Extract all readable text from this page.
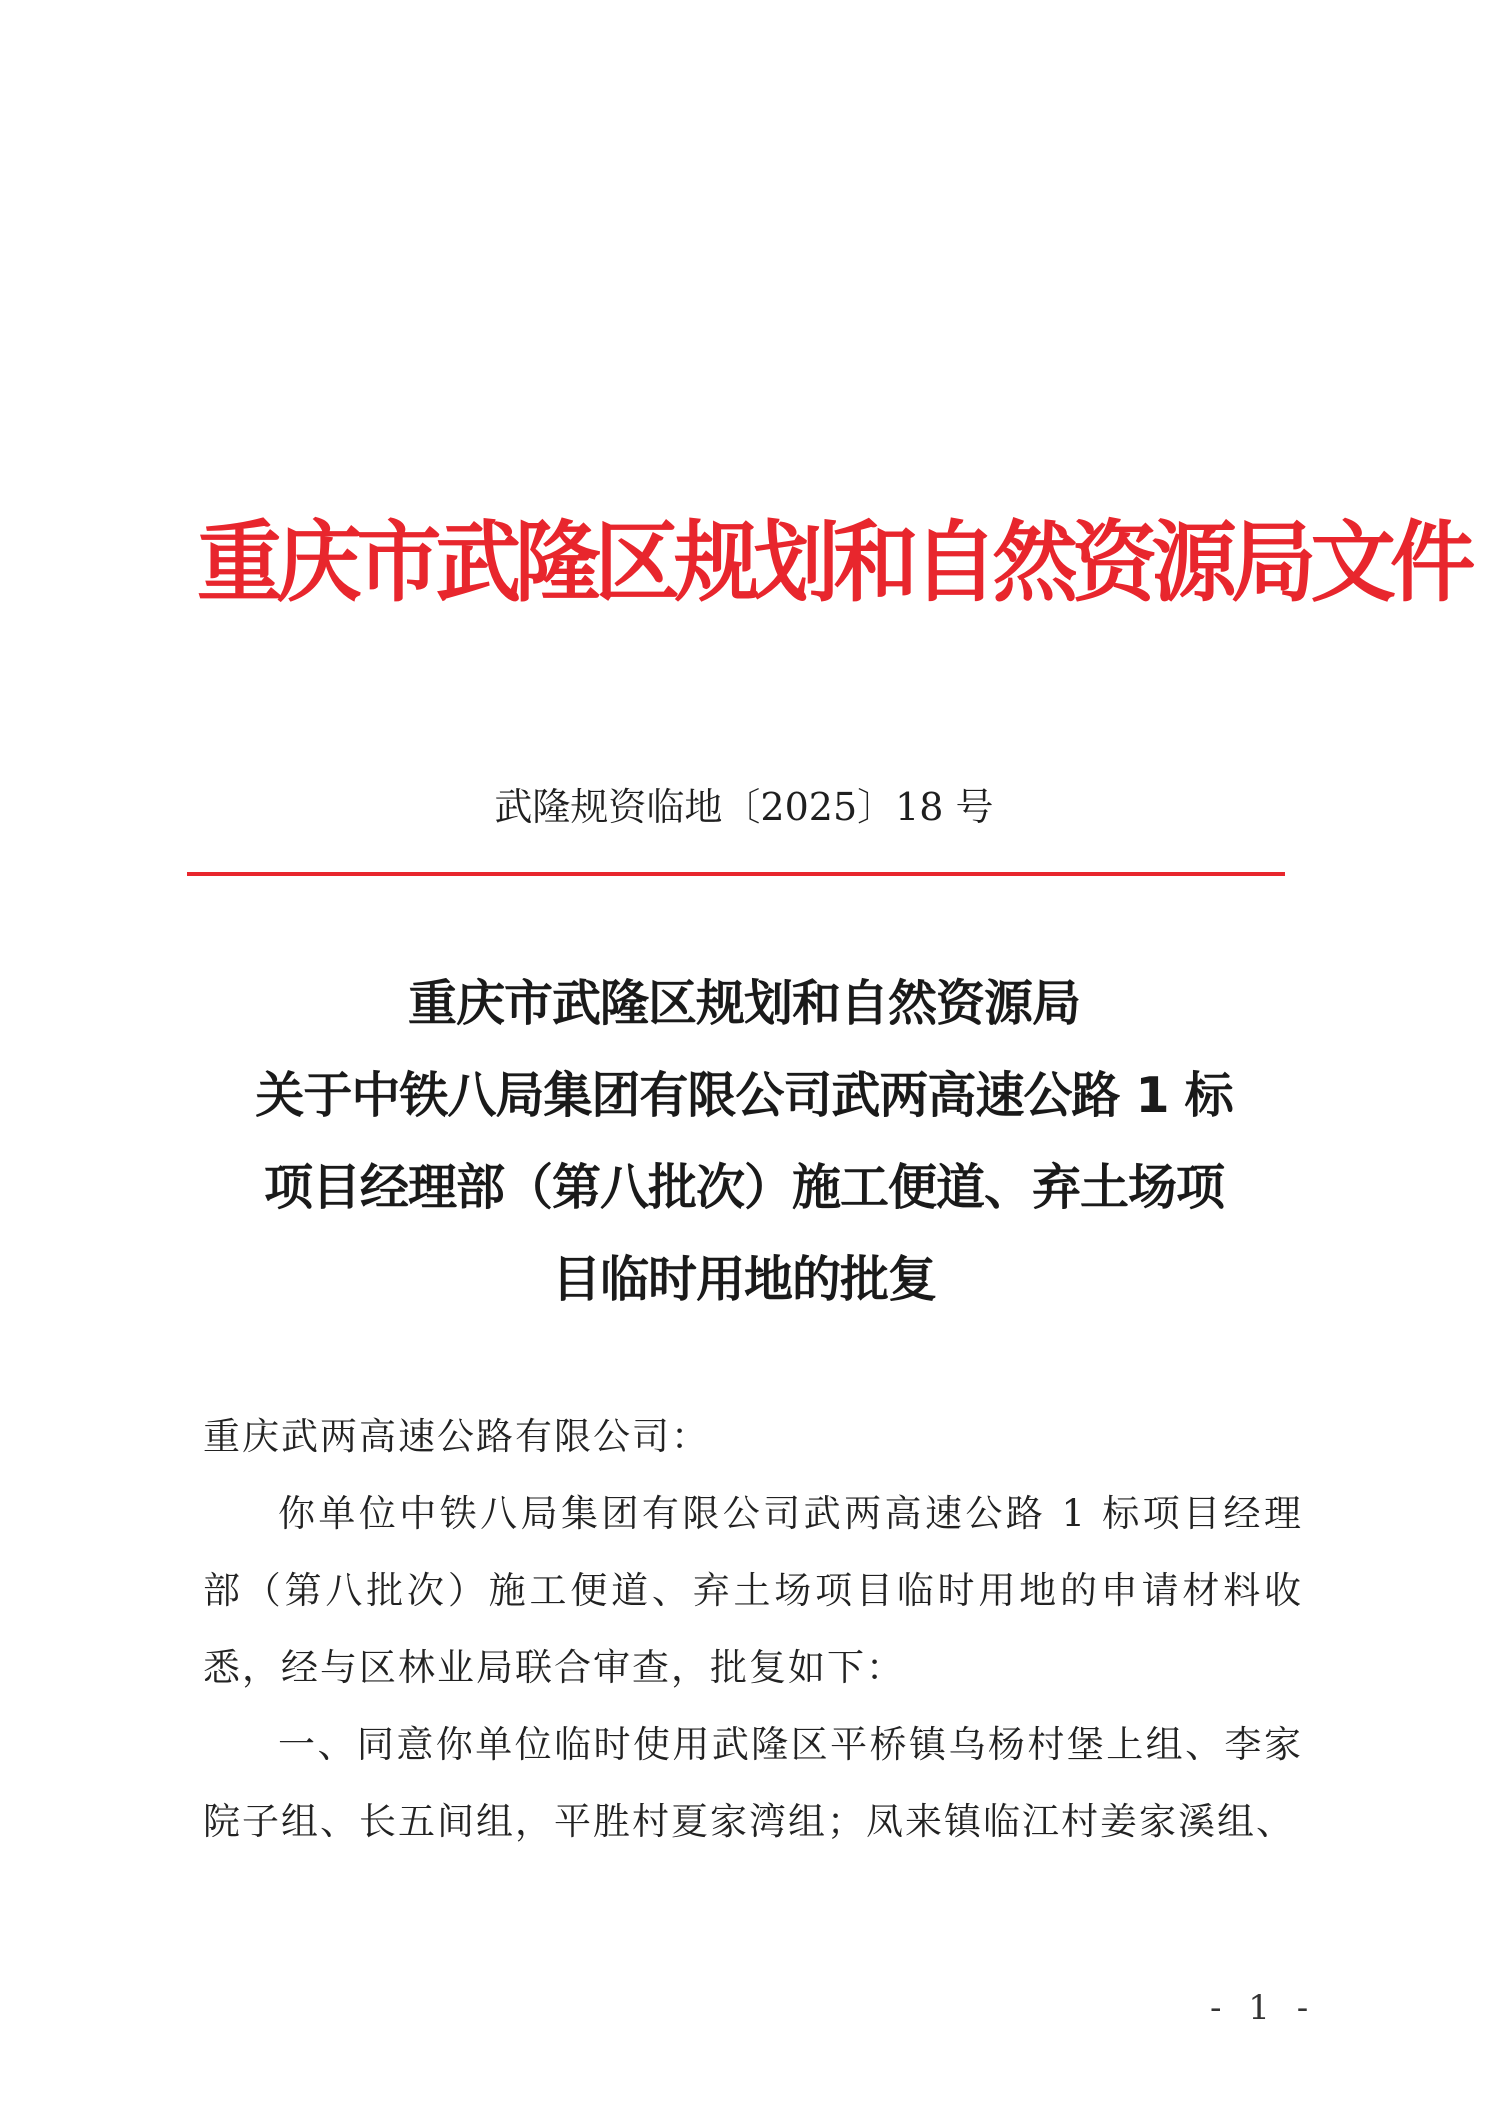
重庆市武隆区规划和自然资源局文件
武隆规资临地〔2025〕18 号
重庆市武隆区规划和自然资源局
关于中铁八局集团有限公司武两高速公路 1 标
项目经理部（第八批次）施工便道、弃土场项
目临时用地的批复
重庆武两高速公路有限公司：
你单位中铁八局集团有限公司武两高速公路 1 标项目经理部（第八批次）施工便道、弃土场项目临时用地的申请材料收悉，经与区林业局联合审查，批复如下：
一、同意你单位临时使用武隆区平桥镇乌杨村堡上组、李家院子组、长五间组，平胜村夏家湾组；凤来镇临江村姜家溪组、
- 1 -
